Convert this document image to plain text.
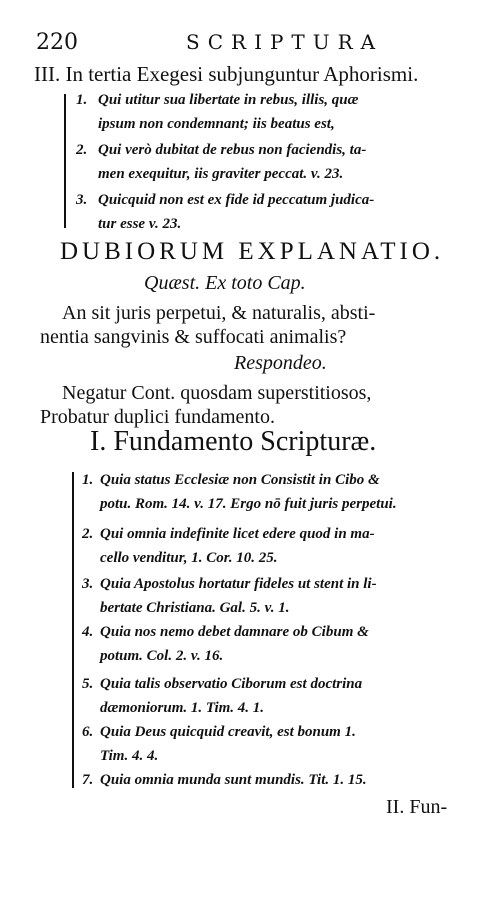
220	SCRIPTURA
III. In tertia Exegesi subjunguntur Aphorismi.
1. Qui utitur sua libertate in rebus, illis, quæ
ipsum non condemnant; iis beatus est,
2. Qui verò dubitat de rebus non faciendis, ta-
men exequitur, iis graviter peccat. v. 23.
3. Quicquid non est ex fide id peccatum judica-
tur esse v. 23.
DUBIORUM EXPLANATIO.
Quæst. Ex toto Cap.
An sit juris perpetui, & naturalis, absti-
nentia sangvinis & suffocati animalis?
Respondeo.
Negatur Cont. quosdam superstitiosos,
Probatur duplici fundamento.
I. Fundamento Scripturæ.
1. Quia status Ecclesiæ non Consistit in Cibo &
potu. Rom. 14. v. 17. Ergo nō fuit juris perpetui.
2. Qui omnia indefinite licet edere quod in ma-
cello venditur, 1. Cor. 10. 25.
3. Quia Apostolus hortatur fideles ut stent in li-
bertate Christiana. Gal. 5. v. 1.
4. Quia nos nemo debet damnare ob Cibum &
potum. Col. 2. v. 16.
5. Quia talis observatio Ciborum est doctrina
dæmoniorum. 1. Tim. 4. 1.
6. Quia Deus quicquid creavit, est bonum 1.
Tim. 4. 4.
7. Quia omnia munda sunt mundis. Tit. 1. 15.
II. Fun-
